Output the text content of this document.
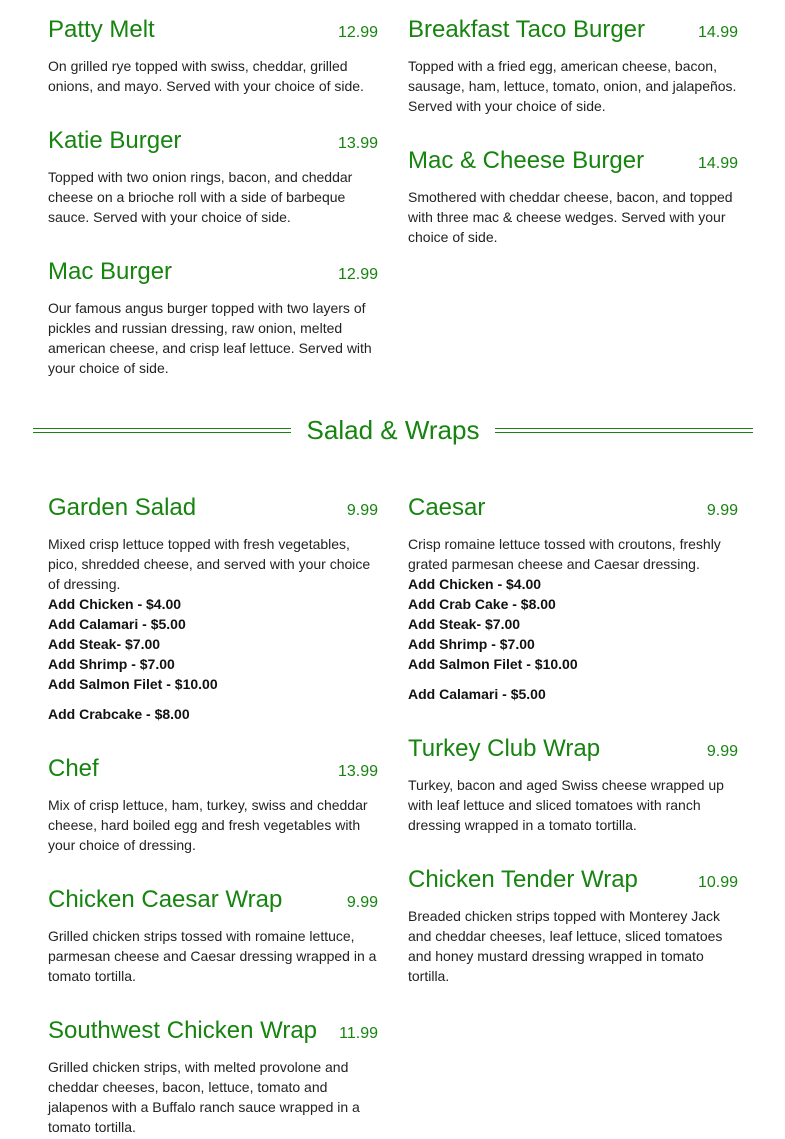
Patty Melt	12.99
On grilled rye topped with swiss, cheddar, grilled onions, and mayo. Served with your choice of side.
Breakfast Taco Burger	14.99
Topped with a fried egg, american cheese, bacon, sausage, ham, lettuce, tomato, onion, and jalapeños. Served with your choice of side.
Katie Burger	13.99
Topped with two onion rings, bacon, and cheddar cheese on a brioche roll with a side of barbeque sauce. Served with your choice of side.
Mac & Cheese Burger	14.99
Smothered with cheddar cheese, bacon, and topped with three mac & cheese wedges. Served with your choice of side.
Mac Burger	12.99
Our famous angus burger topped with two layers of pickles and russian dressing, raw onion, melted american cheese, and crisp leaf lettuce. Served with your choice of side.
Salad & Wraps
Garden Salad	9.99
Mixed crisp lettuce topped with fresh vegetables, pico, shredded cheese, and served with your choice of dressing.
Add Chicken - $4.00
Add Calamari - $5.00
Add Steak- $7.00
Add Shrimp - $7.00
Add Salmon Filet - $10.00
Add Crabcake - $8.00
Caesar	9.99
Crisp romaine lettuce tossed with croutons, freshly grated parmesan cheese and Caesar dressing.
Add Chicken - $4.00
Add Crab Cake - $8.00
Add Steak- $7.00
Add Shrimp - $7.00
Add Salmon Filet - $10.00
Add Calamari - $5.00
Chef	13.99
Mix of crisp lettuce, ham, turkey, swiss and cheddar cheese, hard boiled egg and fresh vegetables with your choice of dressing.
Turkey Club Wrap	9.99
Turkey, bacon and aged Swiss cheese wrapped up with leaf lettuce and sliced tomatoes with ranch dressing wrapped in a tomato tortilla.
Chicken Caesar Wrap	9.99
Grilled chicken strips tossed with romaine lettuce, parmesan cheese and Caesar dressing wrapped in a tomato tortilla.
Chicken Tender Wrap	10.99
Breaded chicken strips topped with Monterey Jack and cheddar cheeses, leaf lettuce, sliced tomatoes and honey mustard dressing wrapped in tomato tortilla.
Southwest Chicken Wrap 11.99
Grilled chicken strips, with melted provolone and cheddar cheeses, bacon, lettuce, tomato and jalapenos with a Buffalo ranch sauce wrapped in a tomato tortilla.
